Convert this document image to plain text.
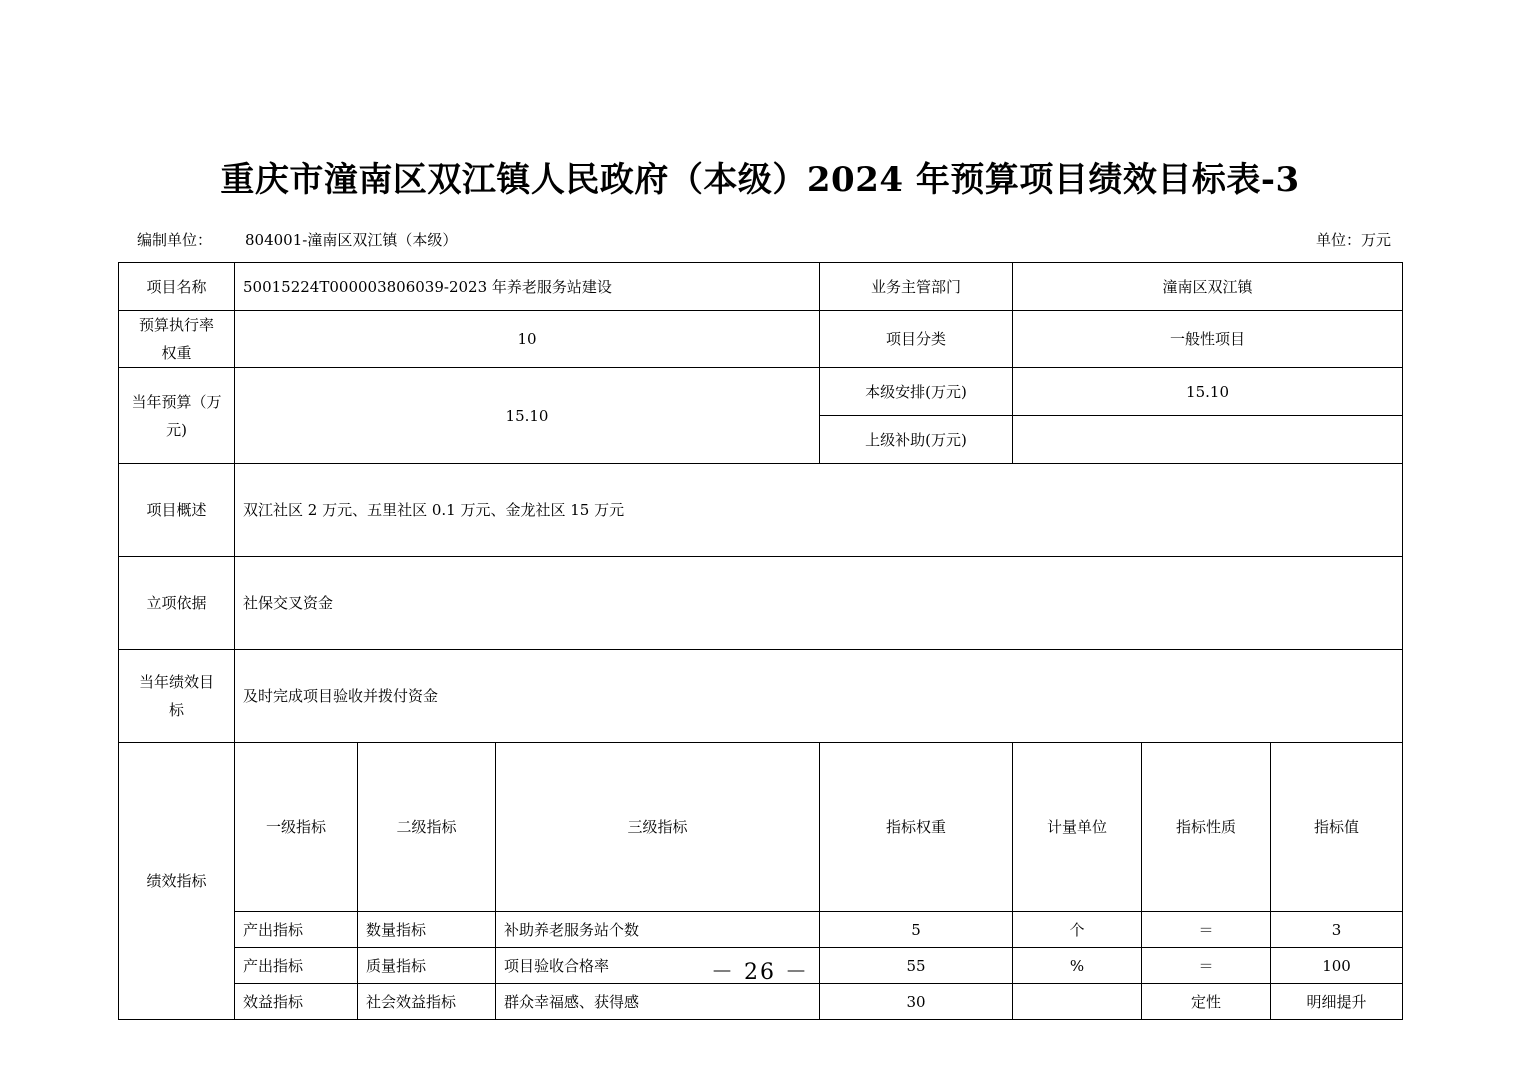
重庆市潼南区双江镇人民政府（本级）2024 年预算项目绩效目标表-3
编制单位： 804001-潼南区双江镇（本级）	单位：万元
项目名称	50015224T000003806039-2023 年养老服务站建设			业务主管部门	潼南区双江镇			

预算执行率
权重	10			项目分类	一般性项目			

当年预算（万
元)	15.10			本级安排(万元)	15.10			
				上级补助(万元)				
项目概述	双江社区 2 万元、五里社区 0.1 万元、金龙社区 15 万元							
立项依据	社保交叉资金							

当年绩效目
标	及时完成项目验收并拨付资金							
绩效指标	一级指标	二级指标	三级指标	指标权重	计量单位	指标性质	指标值	
	产出指标	数量指标	补助养老服务站个数	5	个	＝	3	
	产出指标	质量指标	项目验收合格率	55	%	＝	100	
	效益指标	社会效益指标	群众幸福感、获得感	30		定性	明细提升	
－ 26 －
